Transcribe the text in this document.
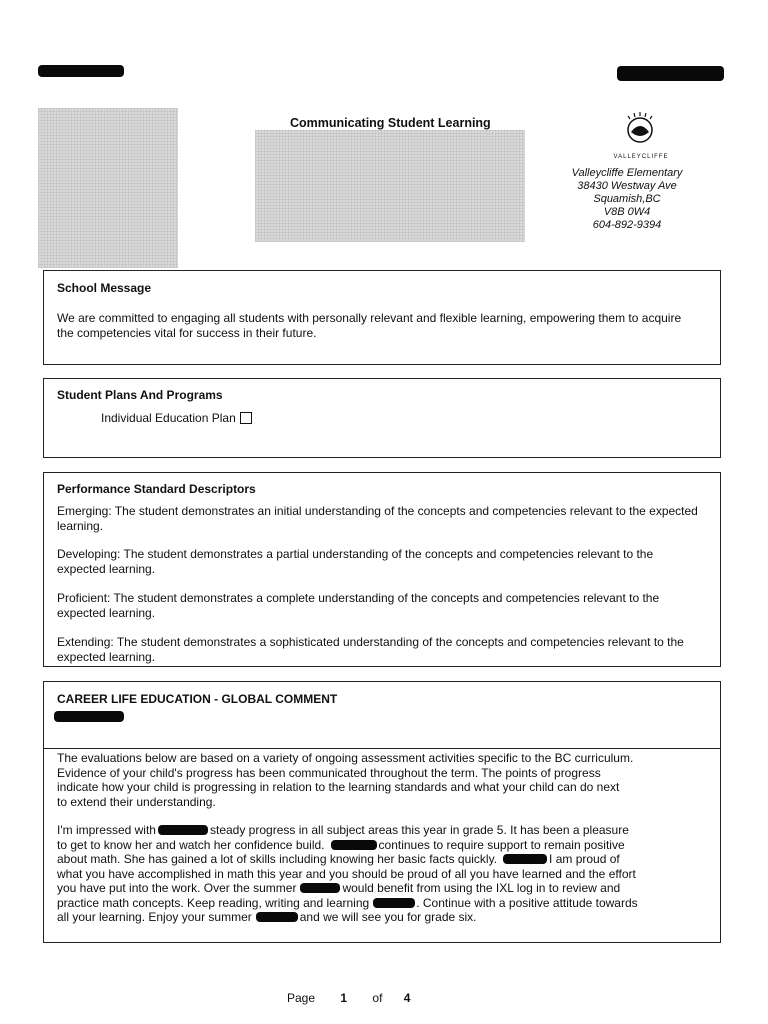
Communicating Student Learning
VALLEYCLIFFE
Valleycliffe Elementary
38430 Westway Ave
Squamish,BC
V8B 0W4
604-892-9394
School Message
We are committed to engaging all students with personally relevant and flexible learning, empowering them to acquire
the competencies vital for success in their future.
Student Plans And Programs
Individual Education Plan
Performance Standard Descriptors
Emerging: The student demonstrates an initial understanding of the concepts and competencies relevant to the expected
learning.
Developing: The student demonstrates a partial understanding of the concepts and competencies relevant to the
expected learning.
Proficient: The student demonstrates a complete understanding of the concepts and competencies relevant to the
expected learning.
Extending: The student demonstrates a sophisticated understanding of the concepts and competencies relevant to the
expected learning.
CAREER LIFE EDUCATION - GLOBAL COMMENT
The evaluations below are based on a variety of ongoing assessment activities specific to the BC curriculum.
Evidence of your child's progress has been communicated throughout the term. The points of progress
indicate how your child is progressing in relation to the learning standards and what your child can do next
to extend their understanding.
I'm impressed with	steady progress in all subject areas this year in grade 5. It has been a pleasure
to get to know her and watch her confidence build.	continues to require support to remain positive
about math. She has gained a lot of skills including knowing her basic facts quickly.	I am proud of
what you have accomplished in math this year and you should be proud of all you have learned and the effort
you have put into the work. Over the summer	would benefit from using the IXL log in to review and
practice math concepts. Keep reading, writing and learning	. Continue with a positive attitude towards
all your learning. Enjoy your summer	and we will see you for grade six.
Page 1 of 4
